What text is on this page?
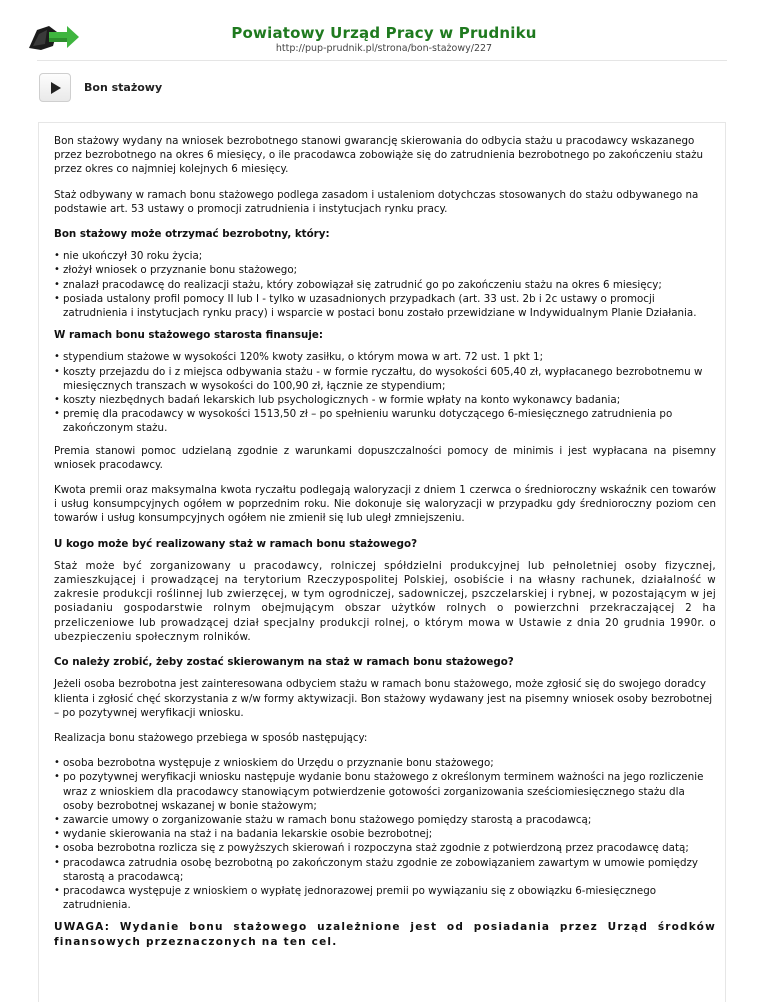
Powiatowy Urząd Pracy w Prudniku
http://pup-prudnik.pl/strona/bon-stażowy/227
Bon stażowy

Bon stażowy wydany na wniosek bezrobotnego stanowi gwarancję skierowania do odbycia stażu u pracodawcy wskazanego przez bezrobotnego na okres 6 miesięcy, o ile pracodawca zobowiąże się do zatrudnienia bezrobotnego po zakończeniu stażu przez okres co najmniej kolejnych 6 miesięcy.

Staż odbywany w ramach bonu stażowego podlega zasadom i ustaleniom dotychczas stosowanych do stażu odbywanego na podstawie art. 53 ustawy o promocji zatrudnienia i instytucjach rynku pracy.

Bon stażowy może otrzymać bezrobotny, który:
• nie ukończył 30 roku życia;
• złożył wniosek o przyznanie bonu stażowego;
• znalazł pracodawcę do realizacji stażu, który zobowiązał się zatrudnić go po zakończeniu stażu na okres 6 miesięcy;
• posiada ustalony profil pomocy II lub I - tylko w uzasadnionych przypadkach (art. 33 ust. 2b i 2c ustawy o promocji zatrudnienia i instytucjach rynku pracy) i wsparcie w postaci bonu zostało przewidziane w Indywidualnym Planie Działania.
W ramach bonu stażowego starosta finansuje:
• stypendium stażowe w wysokości 120% kwoty zasiłku, o którym mowa w art. 72 ust. 1 pkt 1;
• koszty przejazdu do i z miejsca odbywania stażu - w formie ryczałtu, do wysokości 605,40 zł, wypłacanego bezrobotnemu w miesięcznych transzach w wysokości do 100,90 zł, łącznie ze stypendium;
• koszty niezbędnych badań lekarskich lub psychologicznych - w formie wpłaty na konto wykonawcy badania;
• premię dla pracodawcy w wysokości 1513,50 zł – po spełnieniu warunku dotyczącego 6-miesięcznego zatrudnienia po zakończonym stażu.

Premia stanowi pomoc udzielaną zgodnie z warunkami dopuszczalności pomocy de minimis i jest wypłacana na pisemny wniosek pracodawcy.

Kwota premii oraz maksymalna kwota ryczałtu podlegają waloryzacji z dniem 1 czerwca o średnioroczny wskaźnik cen towarów i usług konsumpcyjnych ogółem w poprzednim roku. Nie dokonuje się waloryzacji w przypadku gdy średnioroczny poziom cen towarów i usług konsumpcyjnych ogółem nie zmienił się lub uległ zmniejszeniu.

U kogo może być realizowany staż w ramach bonu stażowego?

Staż może być zorganizowany u pracodawcy, rolniczej spółdzielni produkcyjnej lub pełnoletniej osoby fizycznej, zamieszkującej i prowadzącej na terytorium Rzeczypospolitej Polskiej, osobiście i na własny rachunek, działalność w zakresie produkcji roślinnej lub zwierzęcej, w tym ogrodniczej, sadowniczej, pszczelarskiej i rybnej, w pozostającym w jej posiadaniu gospodarstwie rolnym obejmującym obszar użytków rolnych o powierzchni przekraczającej 2 ha przeliczeniowe lub prowadzącej dział specjalny produkcji rolnej, o którym mowa w Ustawie z dnia 20 grudnia 1990r. o ubezpieczeniu społecznym rolników.

Co należy zrobić, żeby zostać skierowanym na staż w ramach bonu stażowego?

Jeżeli osoba bezrobotna jest zainteresowana odbyciem stażu w ramach bonu stażowego, może zgłosić się do swojego doradcy klienta i zgłosić chęć skorzystania z w/w formy aktywizacji. Bon stażowy wydawany jest na pisemny wniosek osoby bezrobotnej – po pozytywnej weryfikacji wniosku.

Realizacja bonu stażowego przebiega w sposób następujący:

• osoba bezrobotna występuje z wnioskiem do Urzędu o przyznanie bonu stażowego;
• po pozytywnej weryfikacji wniosku następuje wydanie bonu stażowego z określonym terminem ważności na jego rozliczenie wraz z wnioskiem dla pracodawcy stanowiącym potwierdzenie gotowości zorganizowania sześciomiesięcznego stażu dla osoby bezrobotnej wskazanej w bonie stażowym;
• zawarcie umowy o zorganizowanie stażu w ramach bonu stażowego pomiędzy starostą a pracodawcą;
• wydanie skierowania na staż i na badania lekarskie osobie bezrobotnej;
• osoba bezrobotna rozlicza się z powyższych skierowań i rozpoczyna staż zgodnie z potwierdzoną przez pracodawcę datą;
• pracodawca zatrudnia osobę bezrobotną po zakończonym stażu zgodnie ze zobowiązaniem zawartym w umowie pomiędzy starostą a pracodawcą;
• pracodawca występuje z wnioskiem o wypłatę jednorazowej premii po wywiązaniu się z obowiązku 6-miesięcznego zatrudnienia.

UWAGA: Wydanie bonu stażowego uzależnione jest od posiadania przez Urząd środków finansowych przeznaczonych na ten cel.
